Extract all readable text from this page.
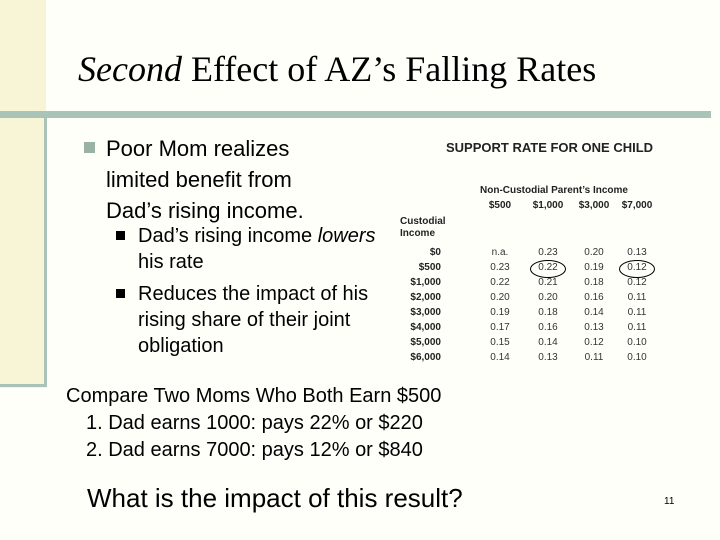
Second Effect of AZ’s Falling Rates
Poor Mom realizes limited benefit from Dad’s rising income.
Dad’s rising income lowers his rate
Reduces the impact of his rising share of their joint obligation
SUPPORT RATE FOR ONE CHILD
Non-Custodial Parent’s Income
$500	$1,000	$3,000	$7,000
Custodial Income
$0	n.a.	0.23	0.20	0.13
$500	0.23	0.22	0.19	0.12
$1,000	0.22	0.21	0.18	0.12
$2,000	0.20	0.20	0.16	0.11
$3,000	0.19	0.18	0.14	0.11
$4,000	0.17	0.16	0.13	0.11
$5,000	0.15	0.14	0.12	0.10
$6,000	0.14	0.13	0.11	0.10
Compare Two Moms Who Both Earn $500
1. Dad earns 1000: pays 22% or $220
2. Dad earns 7000: pays 12% or $840
What is the impact of this result?	11
